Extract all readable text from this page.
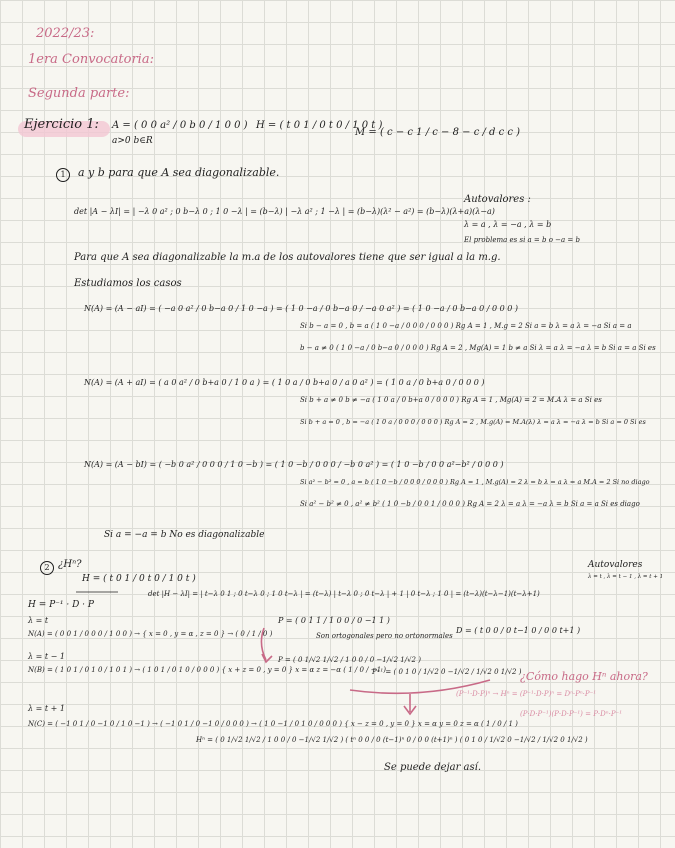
2022/23:
1era Convocatoria:
Segunda parte:
Ejercicio 1: A = ( 0 0 a² / 0 b 0 / 1 0 0 )
a>0 b∈R
H = ( t 0 1 / 0 t 0 / 1 0 t )
M = ( c − c 1 / c − 8 − c / d c c )
1	a y b para que A sea diagonalizable.
det |A − λI| = | −λ 0 a² ; 0 b−λ 0 ; 1 0 −λ | = (b−λ) | −λ a² ; 1 −λ | = (b−λ)(λ² − a²) = (b−λ)(λ+a)(λ−a)
Autovalores :
λ = a , λ = −a , λ = b
El problema es si a = b o −a = b
Para que A sea diagonalizable la m.a de los autovalores tiene que ser igual a la m.g.
Estudiamos los casos
N(A) = (A − aI) = ( −a 0 a² / 0 b−a 0 / 1 0 −a ) = ( 1 0 −a / 0 b−a 0 / −a 0 a² ) = ( 1 0 −a / 0 b−a 0 / 0 0 0 )
Si b − a = 0 , b = a ( 1 0 −a / 0 0 0 / 0 0 0 ) Rg A = 1 , M.g = 2 Si a = b λ = a λ = −a Si a = a
b − a ≠ 0 ( 1 0 −a / 0 b−a 0 / 0 0 0 ) Rg A = 2 , Mg(A) = 1 b ≠ a Si λ = a λ = −a λ = b Si a = a Si es
N(A) = (A + aI) = ( a 0 a² / 0 b+a 0 / 1 0 a ) = ( 1 0 a / 0 b+a 0 / a 0 a² ) = ( 1 0 a / 0 b+a 0 / 0 0 0 )
Si b + a ≠ 0 b ≠ −a ( 1 0 a / 0 b+a 0 / 0 0 0 ) Rg A = 1 , Mg(A) = 2 = M.A λ = a Si es
Si b + a = 0 , b = −a ( 1 0 a / 0 0 0 / 0 0 0 ) Rg A = 2 , M.g(A) = M.A(λ) λ = a λ = −a λ = b Si a = 0 Si es
N(A) = (A − bI) = ( −b 0 a² / 0 0 0 / 1 0 −b ) = ( 1 0 −b / 0 0 0 / −b 0 a² ) = ( 1 0 −b / 0 0 a²−b² / 0 0 0 )
Si a² − b² = 0 , a = b ( 1 0 −b / 0 0 0 / 0 0 0 ) Rg A = 1 , M.g(A) = 2 λ = b λ = a λ = a M.A = 2 Si no diago
Si a² − b² ≠ 0 , a² ≠ b² ( 1 0 −b / 0 0 1 / 0 0 0 ) Rg A = 2 λ = a λ = −a λ = b Si a = a Si es diago
Si a = −a = b No es diagonalizable
2 ¿Hⁿ?
H = ( t 0 1 / 0 t 0 / 1 0 t )
det |H − λI| = | t−λ 0 1 ; 0 t−λ 0 ; 1 0 t−λ | = (t−λ) | t−λ 0 ; 0 t−λ | + 1 | 0 t−λ ; 1 0 | = (t−λ)(t−λ−1)(t−λ+1)
Autovalores
λ = t , λ = t − 1 , λ = t + 1
H = P⁻¹ · D · P
λ = t
N(A) = ( 0 0 1 / 0 0 0 / 1 0 0 ) → { x = 0 , y = α , z = 0 } → ( 0 / 1 / 0 )
λ = t − 1
N(B) = ( 1 0 1 / 0 1 0 / 1 0 1 ) → ( 1 0 1 / 0 1 0 / 0 0 0 ) { x + z = 0 , y = 0 } x = α z = −α ( 1 / 0 / −1 )
λ = t + 1
N(C) = ( −1 0 1 / 0 −1 0 / 1 0 −1 ) → ( −1 0 1 / 0 −1 0 / 0 0 0 ) → ( 1 0 −1 / 0 1 0 / 0 0 0 ) { x − z = 0 , y = 0 } x = α y = 0 z = α ( 1 / 0 / 1 )
P = ( 0 1 1 / 1 0 0 / 0 −1 1 )
Son ortogonales pero no ortonormales
D = ( t 0 0 / 0 t−1 0 / 0 0 t+1 )
P = ( 0 1/√2 1/√2 / 1 0 0 / 0 −1/√2 1/√2 )
P⁻¹ = ( 0 1 0 / 1/√2 0 −1/√2 / 1/√2 0 1/√2 )
¿Cómo hago Hⁿ ahora?
(P⁻¹·D·P)ⁿ → Hⁿ = (P⁻¹·D·P)ⁿ = Dⁿ·Pⁿ·P⁻¹
(P·D·P⁻¹)(P·D·P⁻¹) = P·Dⁿ·P⁻¹
Hⁿ = ( 0 1/√2 1/√2 / 1 0 0 / 0 −1/√2 1/√2 ) ( tⁿ 0 0 / 0 (t−1)ⁿ 0 / 0 0 (t+1)ⁿ ) ( 0 1 0 / 1/√2 0 −1/√2 / 1/√2 0 1/√2 )
Se puede dejar así.
